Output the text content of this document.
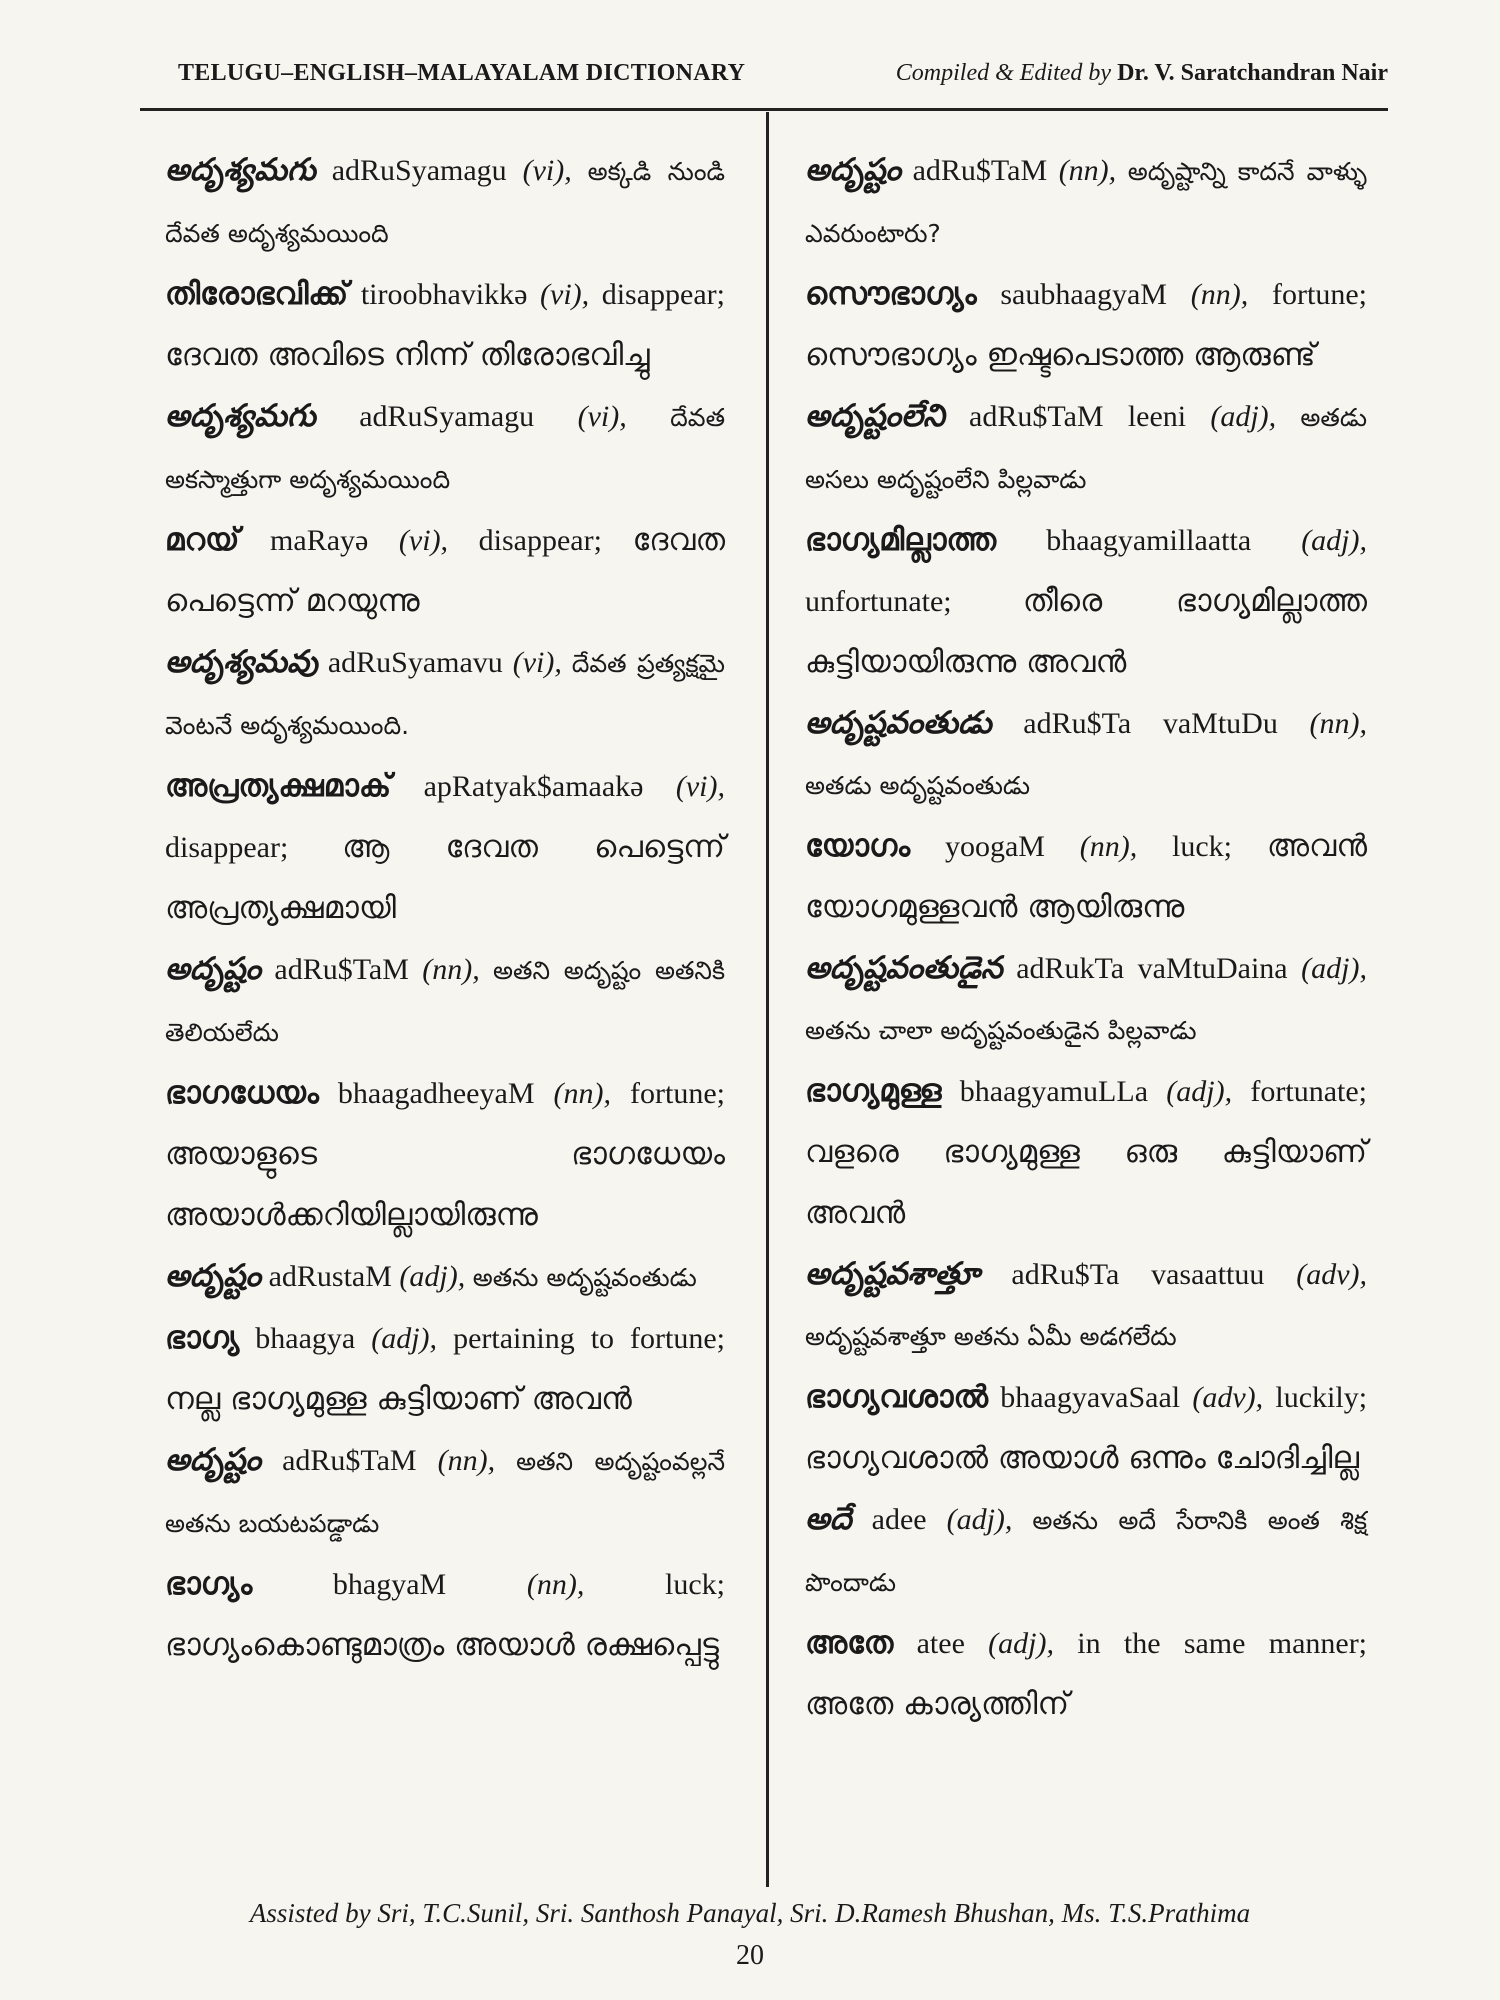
TELUGU–ENGLISH–MALAYALAM DICTIONARY	Compiled & Edited by Dr. V. Saratchandran Nair

అదృశ్యమగు adRuSyamagu (vi), అక్కడి నుండి దేవత అదృశ్యమయింది

തിരോഭവിക്ക് tiroobhavikkə (vi), disappear; ദേവത അവിടെ നിന്ന് തിരോഭവിച്ചു

అదృశ్యమగు adRuSyamagu (vi), దేవత అకస్మాత్తుగా అదృశ్యమయింది

മറയ് maRayə (vi), disappear; ദേവത പെട്ടെന്ന് മറയുന്നു

అదృశ్యమవు adRuSyamavu (vi), దేవత ప్రత్యక్షమై వెంటనే అదృశ్యమయింది.

അപ്രത്യക്ഷമാക് apRatyak$amaakə (vi), disappear; ആ ദേവത പെട്ടെന്ന് അപ്രത്യക്ഷമായി

అదృష్టం adRu$TaM (nn), అతని అదృష్టం అతనికి తెలియలేదు

ഭാഗധേയം bhaagadheeyaM (nn), fortune; അയാളുടെ ഭാഗധേയം അയാൾക്കറിയില്ലായിരുന്നു

అదృష్టం adRustaM (adj), అతను అదృష్టవంతుడు

ഭാഗ്യ bhaagya (adj), pertaining to fortune; നല്ല ഭാഗ്യമുള്ള കുട്ടിയാണ് അവൻ

అదృష్టం adRu$TaM (nn), అతని అదృష్టంవల్లనే అతను బయటపడ్డాడు

ഭാഗ്യം	bhagyaM	(nn),	luck; ഭാഗ്യംകൊണ്ടുമാത്രം അയാൾ രക്ഷപ്പെട്ടു

అదృష్టం adRu$TaM (nn), అదృష్టాన్ని కాదనే వాళ్ళు ఎవరుంటారు?

സൌഭാഗ്യം saubhaagyaM (nn), fortune; സൌഭാഗ്യം ഇഷ്ടപെടാത്ത ആരുണ്ട്

అదృష్టంలేని adRu$TaM leeni (adj), అతడు అసలు అదృష్టంలేని పిల్లవాడు

ഭാഗ്യമില്ലാത്ത bhaagyamillaatta (adj), unfortunate; തീരെ ഭാഗ്യമില്ലാത്ത കുട്ടിയായിരുന്നു അവൻ

అదృష్టవంతుడు adRu$Ta vaMtuDu (nn), అతడు అదృష్టవంతుడు

യോഗം yoogaM (nn), luck; അവൻ യോഗമുള്ളവൻ ആയിരുന്നു

అదృష్టవంతుడైన adRukTa vaMtuDaina (adj), అతను చాలా అదృష్టవంతుడైన పిల్లవాడు

ഭാഗ്യമുള്ള bhaagyamuLLa (adj), fortunate; വളരെ ഭാഗ്യമുള്ള ഒരു കുട്ടിയാണ് അവൻ

అదృష్టవశాత్తూ adRu$Ta vasaattuu (adv), అదృష్టవశాత్తూ అతను ఏమీ అడగలేదు

ഭാഗ്യവശാൽ bhaagyavaSaal (adv), luckily; ഭാഗ്യവശാൽ അയാൾ ഒന്നും ചോദിച്ചില്ല

అదే adee (adj), అతను అదే సేరానికి అంత శిక్ష పొందాడు

അതേ atee (adj), in the same manner; അതേ കാര്യത്തിന്

Assisted by Sri, T.C.Sunil, Sri. Santhosh Panayal, Sri. D.Ramesh Bhushan, Ms. T.S.Prathima
20
